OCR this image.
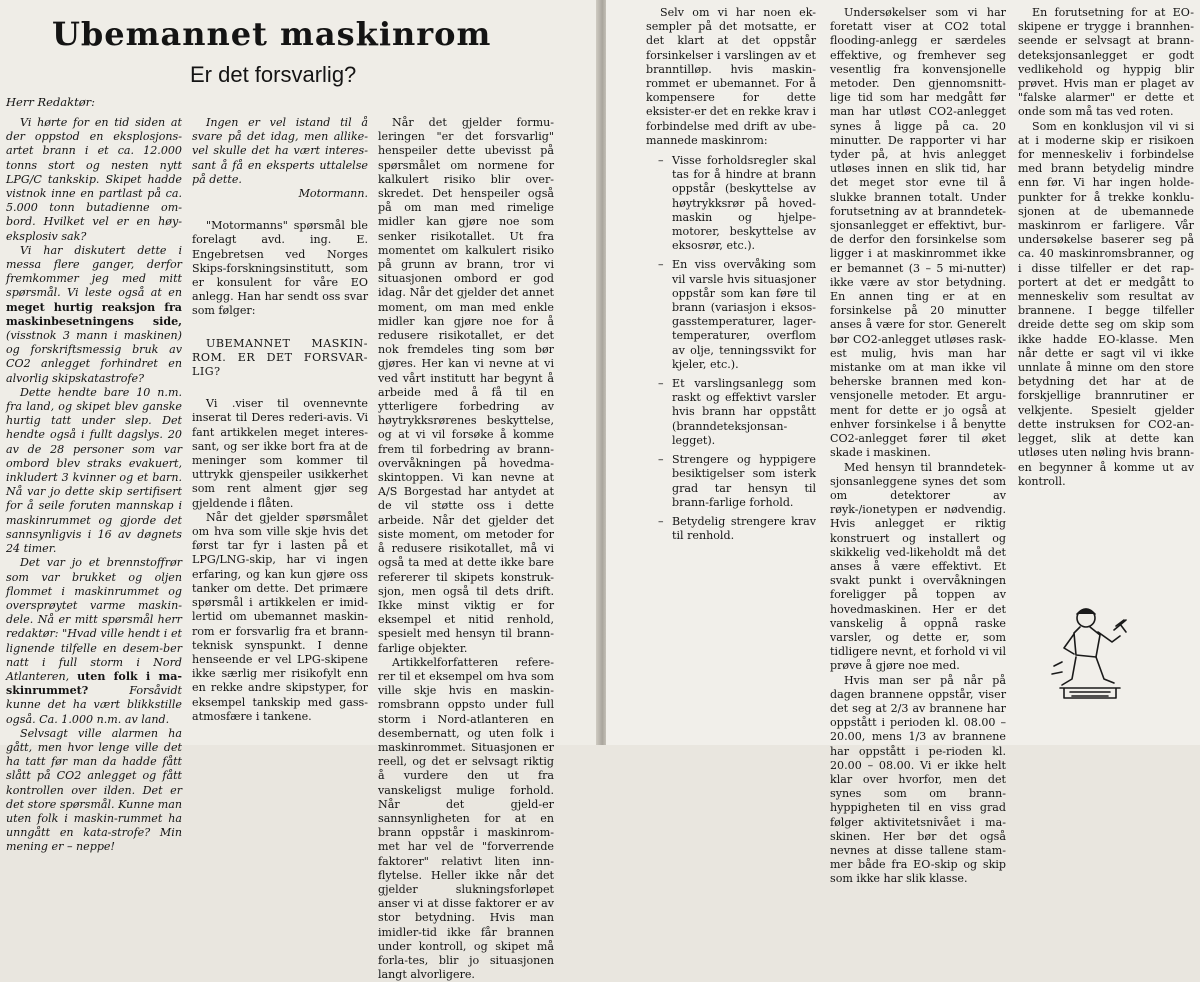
Ubemannet maskinrom
Er det forsvarlig?
Herr Redaktør:

Vi hørte for en tid siden at der oppstod en eksplosjons-artet brann i et ca. 12.000 tonns stort og nesten nytt LPG/C tankskip. Skipet hadde vistnok inne en partlast på ca. 5.000 tonn butadienne om-bord. Hvilket vel er en høy-eksplosiv sak?

Vi har diskutert dette i messa flere ganger, derfor fremkommer jeg med mitt spørsmål. Vi leste også at en meget hurtig reaksjon fra maskinbesetningens side, (visstnok 3 mann i maskinen) og forskriftsmessig bruk av CO2 anlegget forhindret en alvorlig skipskatastrofe?

Dette hendte bare 10 n.m. fra land, og skipet blev ganske hurtig tatt under slep. Det hendte også i fullt dagslys. 20 av de 28 personer som var ombord blev straks evakuert, inkludert 3 kvinner og et barn. Nå var jo dette skip sertifisert for å seile foruten mannskap i maskinrummet og gjorde det sannsynligvis i 16 av døgnets 24 timer.

Det var jo et brennstoffrør som var brukket og oljen flommet i maskinrummet og oversprøytet varme maskin-dele. Nå er mitt spørsmål herr redaktør: "Hvad ville hendt i et lignende tilfelle en desem-ber natt i full storm i Nord Atlanteren, uten folk i ma-skinrummet? Forsåvidt kunne det ha vært blikkstille også. Ca. 1.000 n.m. av land.

Selvsagt ville alarmen ha gått, men hvor lenge ville det ha tatt før man da hadde fått slått på CO2 anlegget og fått kontrollen over ilden. Det er det store spørsmål. Kunne man uten folk i maskin-rummet ha unngått en kata-strofe? Min mening er – neppe!

Ingen er vel istand til å svare på det idag, men allike-vel skulle det ha vært interes-sant å få en eksperts uttalelse på dette.

Motormann.

"Motormanns" spørsmål ble forelagt avd. ing. E. Engebretsen ved Norges Skips-forskningsinstitutt, som er konsulent for våre EO anlegg. Han har sendt oss svar som følger:

UBEMANNET MASKIN-ROM. ER DET FORSVAR-LIG?

Vi .viser til ovennevnte inserat til Deres rederi-avis. Vi fant artikkelen meget interes-sant, og ser ikke bort fra at de meninger som kommer til uttrykk gjenspeiler usikkerhet som rent alment gjør seg gjeldende i flåten.

Når det gjelder spørsmålet om hva som ville skje hvis det først tar fyr i lasten på et LPG/LNG-skip, har vi ingen erfaring, og kan kun gjøre oss tanker om dette. Det primære spørsmål i artikkelen er imid-lertid om ubemannet maskin-rom er forsvarlig fra et brann-teknisk synspunkt. I denne henseende er vel LPG-skipene ikke særlig mer risikofylt enn en rekke andre skipstyper, for eksempel tankskip med gass-atmosfære i tankene.

Når det gjelder formu-leringen "er det forsvarlig" henspeiler dette ubevisst på spørsmålet om normene for kalkulert risiko blir over-skredet. Det henspeiler også på om man med rimelige midler kan gjøre noe som senker risikotallet. Ut fra momentet om kalkulert risiko på grunn av brann, tror vi situasjonen ombord er god idag. Når det gjelder det annet moment, om man med enkle midler kan gjøre noe for å redusere risikotallet, er det nok fremdeles ting som bør gjøres. Her kan vi nevne at vi ved vårt institutt har begynt å arbeide med å få til en ytterligere forbedring av høytrykksrørenes beskyttelse, og at vi vil forsøke å komme frem til forbedring av brann-overvåkningen på hovedma-skintoppen. Vi kan nevne at A/S Borgestad har antydet at de vil støtte oss i dette arbeide. Når det gjelder det siste moment, om metoder for å redusere risikotallet, må vi også ta med at dette ikke bare refererer til skipets konstruk-sjon, men også til dets drift. Ikke minst viktig er for eksempel et nitid renhold, spesielt med hensyn til brann-farlige objekter.

Artikkelforfatteren refere-rer til et eksempel om hva som ville skje hvis en maskin-romsbrann oppsto under full storm i Nord-atlanteren en desembernatt, og uten folk i maskinrommet. Situasjonen er reell, og det er selvsagt riktig å vurdere den ut fra vanskeligst mulige forhold. Når det gjeld-er sannsynligheten for at en brann oppstår i maskinrom-met har vel de "forverrende faktorer" relativt liten inn-flytelse. Heller ikke når det gjelder slukningsforløpet anser vi at disse faktorer er av stor betydning. Hvis man imidler-tid ikke får brannen under kontroll, og skipet må forla-tes, blir jo situasjonen langt alvorligere.

Selv om vi har noen ek-sempler på det motsatte, er det klart at det oppstår forsinkelser i varslingen av et branntilløp. hvis maskin-rommet er ubemannet. For å kompensere for dette eksister-er det en rekke krav i forbindelse med drift av ube-mannede maskinrom:

– Visse forholdsregler skal tas for å hindre at brann oppstår (beskyttelse av høytrykksrør på hoved-maskin og hjelpe-motorer, beskyttelse av eksosrør, etc.).
– En viss overvåking som vil varsle hvis situasjoner oppstår som kan føre til brann (variasjon i eksos-gasstemperaturer, lager-temperaturer, overflom av olje, tenningssvikt for kjeler, etc.).
– Et varslingsanlegg som raskt og effektivt varsler hvis brann har oppstått (branndeteksjonsan-legget).
– Strengere og hyppigere besiktigelser som isterk grad tar hensyn til brann-farlige forhold.
– Betydelig strengere krav til renhold.

Undersøkelser som vi har foretatt viser at CO2 total flooding-anlegg er særdeles effektive, og fremhever seg vesentlig fra konvensjonelle metoder. Den gjennomsnitt-lige tid som har medgått før man har utløst CO2-anlegget synes å ligge på ca. 20 minutter. De rapporter vi har tyder på, at hvis anlegget utløses innen en slik tid, har det meget stor evne til å slukke brannen totalt. Under forutsetning av at branndetek-sjonsanlegget er effektivt, bur-de derfor den forsinkelse som ligger i at maskinrommet ikke er bemannet (3 – 5 mi-nutter) ikke være av stor betydning. En annen ting er at en forsinkelse på 20 minutter anses å være for stor. Generelt bør CO2-anlegget utløses rask-est mulig, hvis man har mistanke om at man ikke vil beherske brannen med kon-vensjonelle metoder. Et argu-ment for dette er jo også at enhver forsinkelse i å benytte CO2-anlegget fører til øket skade i maskinen.

Med hensyn til branndetek-sjonsanleggene synes det som om detektorer av røyk-/ionetypen er nødvendig. Hvis anlegget er riktig konstruert og installert og skikkelig ved-likeholdt må det anses å være effektivt. Et svakt punkt i overvåkningen foreligger på toppen av hovedmaskinen. Her er det vanskelig å oppnå raske varsler, og dette er, som tidligere nevnt, et forhold vi vil prøve å gjøre noe med.

Hvis man ser på når på dagen brannene oppstår, viser det seg at 2/3 av brannene har oppstått i perioden kl. 08.00 – 20.00, mens 1/3 av brannene har oppstått i pe-rioden kl. 20.00 – 08.00. Vi er ikke helt klar over hvorfor, men det synes som om brann-hyppigheten til en viss grad følger aktivitetsnivået i ma-skinen. Her bør det også nevnes at disse tallene stam-mer både fra EO-skip og skip som ikke har slik klasse.

En forutsetning for at EO-skipene er trygge i brannhen-seende er selvsagt at brann-deteksjonsanlegget er godt vedlikehold og hyppig blir prøvet. Hvis man er plaget av "falske alarmer" er dette et onde som må tas ved roten.

Som en konklusjon vil vi si at i moderne skip er risikoen for menneskeliv i forbindelse med brann betydelig mindre enn før. Vi har ingen holde-punkter for å trekke konklu-sjonen at de ubemannede maskinrom er farligere. Vår undersøkelse baserer seg på ca. 40 maskinromsbranner, og i disse tilfeller er det rap-portert at det er medgått to menneskeliv som resultat av brannene. I begge tilfeller dreide dette seg om skip som ikke hadde EO-klasse. Men når dette er sagt vil vi ikke unnlate å minne om den store betydning det har at de forskjellige brannrutiner er velkjente. Spesielt gjelder dette instruksen for CO2-an-legget, slik at dette kan utløses uten nøling hvis brann-en begynner å komme ut av kontroll.
